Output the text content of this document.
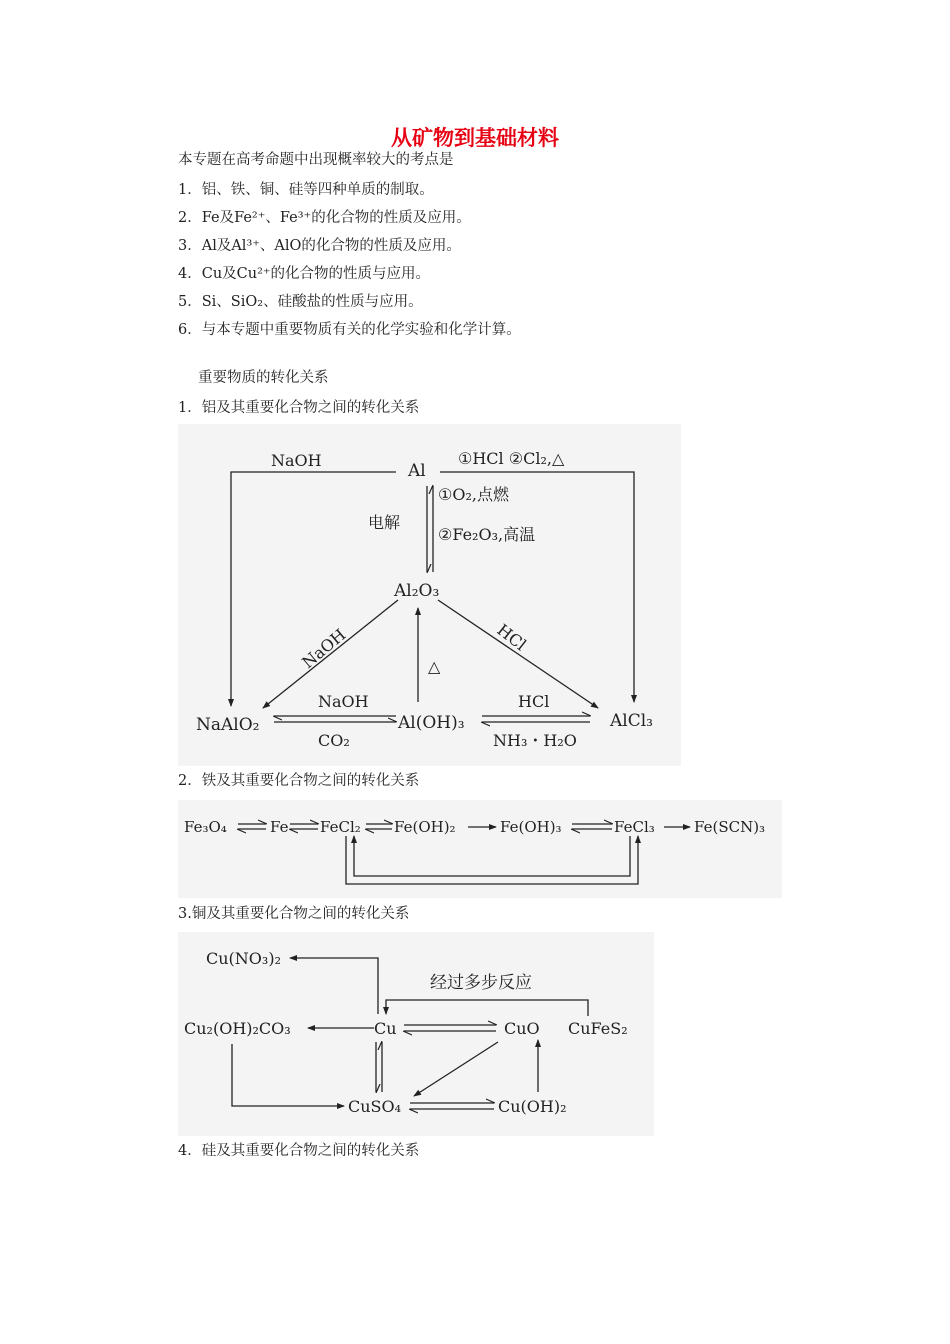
从矿物到基础材料
本专题在高考命题中出现概率较大的考点是
1．铝、铁、铜、硅等四种单质的制取。
2．Fe及Fe²⁺、Fe³⁺的化合物的性质及应用。
3．Al及Al³⁺、AlO的化合物的性质及应用。
4．Cu及Cu²⁺的化合物的性质与应用。
5．Si、SiO₂、硅酸盐的性质与应用。
6．与本专题中重要物质有关的化学实验和化学计算。
重要物质的转化关系
1．铝及其重要化合物之间的转化关系
Al
Al₂O₃
NaAlO₂	Al(OH)₃	AlCl₃
NaOH	①HCl ②Cl₂,△
①O₂,点燃
②Fe₂O₃,高温
电解
NaOH	HCl
△
NaOH
CO₂
HCl
NH₃・H₂O
2．铁及其重要化合物之间的转化关系
Fe₃O₄	Fe FeCl₂ Fe(OH)₂	Fe(OH)₃	FeCl₃	Fe(SCN)₃
3.铜及其重要化合物之间的转化关系
Cu(NO₃)₂
Cu₂(OH)₂CO₃	Cu	CuO CuFeS₂
CuSO₄	Cu(OH)₂
经过多步反应
4．硅及其重要化合物之间的转化关系
